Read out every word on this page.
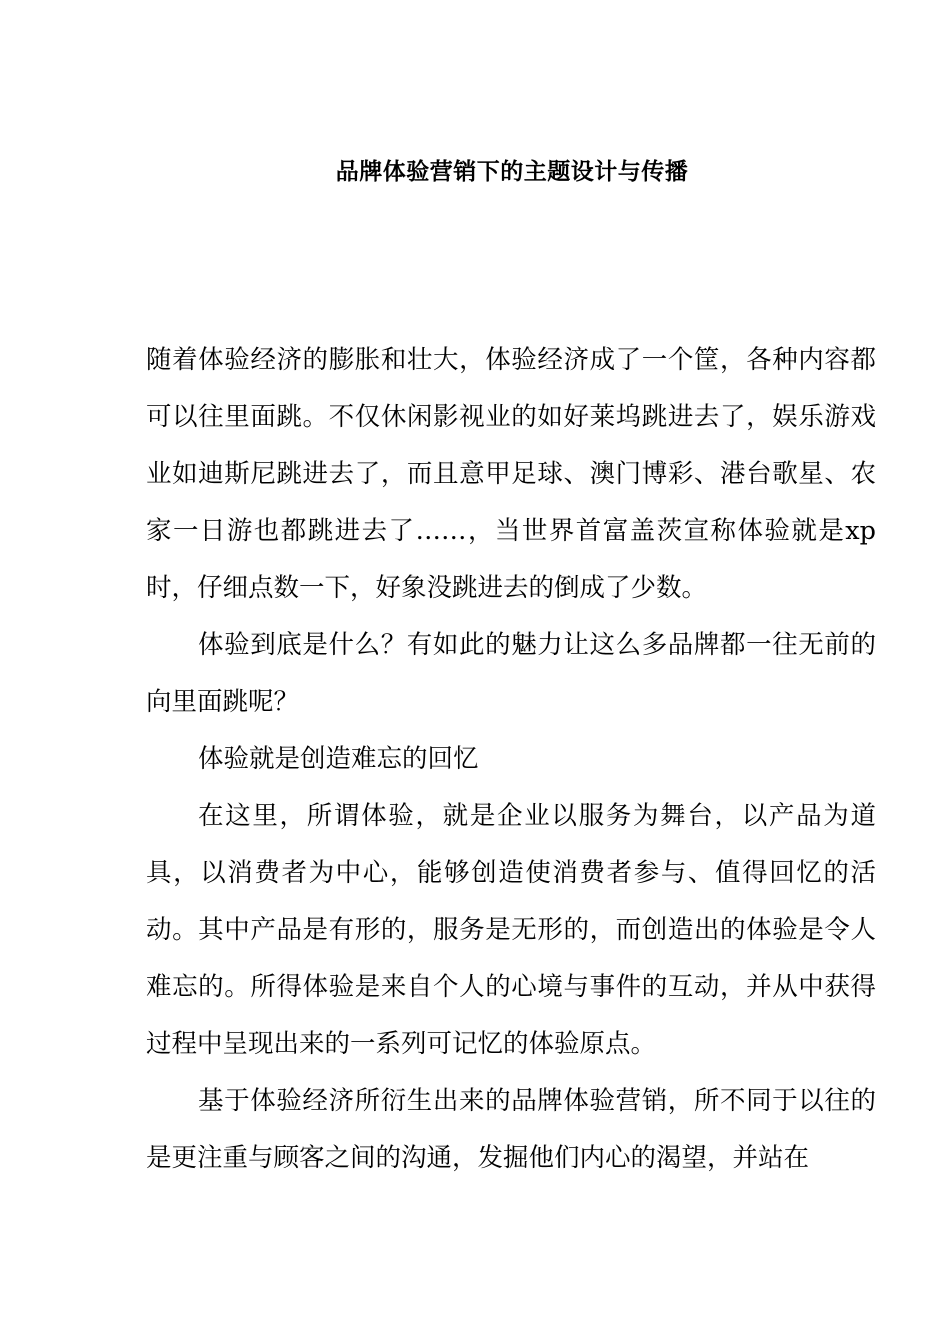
品牌体验营销下的主题设计与传播

随着体验经济的膨胀和壮大，体验经济成了一个筐，各种内容都可以往里面跳。不仅休闲影视业的如好莱坞跳进去了，娱乐游戏业如迪斯尼跳进去了，而且意甲足球、澳门博彩、港台歌星、农家一日游也都跳进去了……，当世界首富盖茨宣称体验就是xp时，仔细点数一下，好象没跳进去的倒成了少数。

体验到底是什么？有如此的魅力让这么多品牌都一往无前的向里面跳呢？

体验就是创造难忘的回忆

在这里，所谓体验，就是企业以服务为舞台，以产品为道具，以消费者为中心，能够创造使消费者参与、值得回忆的活动。其中产品是有形的，服务是无形的，而创造出的体验是令人难忘的。所得体验是来自个人的心境与事件的互动，并从中获得过程中呈现出来的一系列可记忆的体验原点。

基于体验经济所衍生出来的品牌体验营销，所不同于以往的是更注重与顾客之间的沟通，发掘他们内心的渴望，并站在
